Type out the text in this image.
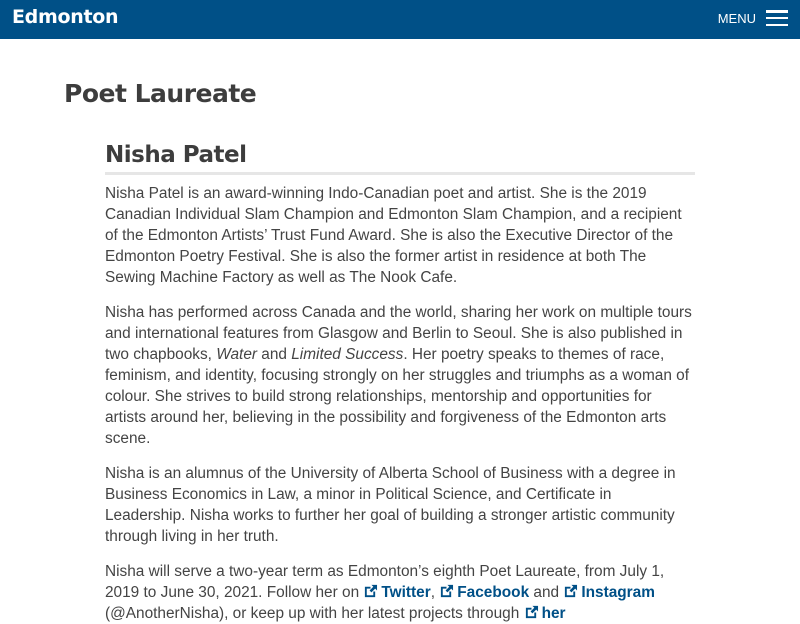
Edmonton	MENU
Poet Laureate
Nisha Patel

Nisha Patel is an award-winning Indo-Canadian poet and artist. She is the 2019 Canadian Individual Slam Champion and Edmonton Slam Champion, and a recipient of the Edmonton Artists’ Trust Fund Award. She is also the Executive Director of the Edmonton Poetry Festival. She is also the former artist in residence at both The Sewing Machine Factory as well as The Nook Cafe.

Nisha has performed across Canada and the world, sharing her work on multiple tours and international features from Glasgow and Berlin to Seoul. She is also published in two chapbooks, Water and Limited Success. Her poetry speaks to themes of race, feminism, and identity, focusing strongly on her struggles and triumphs as a woman of colour. She strives to build strong relationships, mentorship and opportunities for artists around her, believing in the possibility and forgiveness of the Edmonton arts scene.

Nisha is an alumnus of the University of Alberta School of Business with a degree in Business Economics in Law, a minor in Political Science, and Certificate in Leadership. Nisha works to further her goal of building a stronger artistic community through living in her truth.

Nisha will serve a two-year term as Edmonton’s eighth Poet Laureate, from July 1, 2019 to June 30, 2021. Follow her on Twitter, Facebook and Instagram (@AnotherNisha), or keep up with her latest projects through her
